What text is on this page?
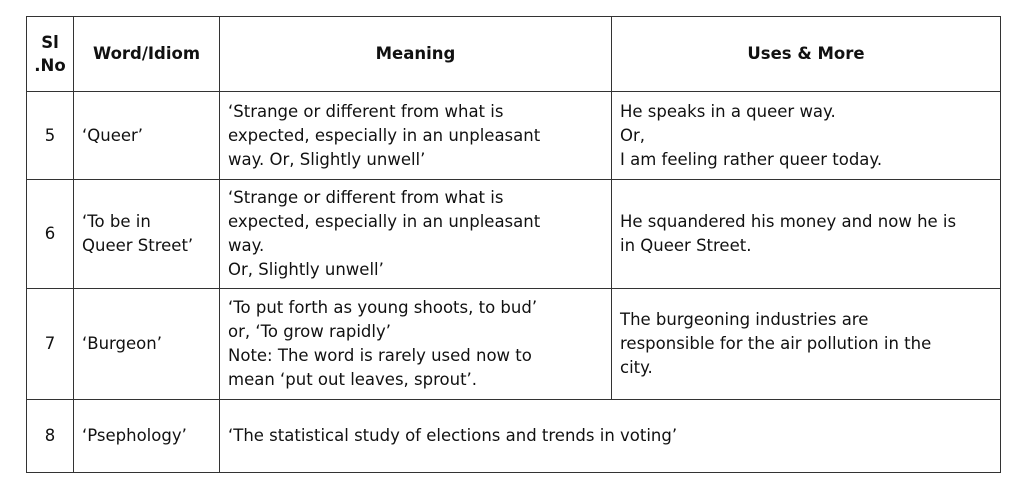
Sl
.No	Word/Idiom	Meaning	Uses & More
5	‘Queer’	‘Strange or different from what is
expected, especially in an unpleasant
way. Or, Slightly unwell’	He speaks in a queer way.
Or,
I am feeling rather queer today.
6	‘To be in
Queer Street’	‘Strange or different from what is
expected, especially in an unpleasant
way.
Or, Slightly unwell’	He squandered his money and now he is
in Queer Street.
7	‘Burgeon’	‘To put forth as young shoots, to bud’
or, ‘To grow rapidly’
Note: The word is rarely used now to
mean ‘put out leaves, sprout’.	The burgeoning industries are
responsible for the air pollution in the
city.
8	‘Psephology’	‘The statistical study of elections and trends in voting’	
